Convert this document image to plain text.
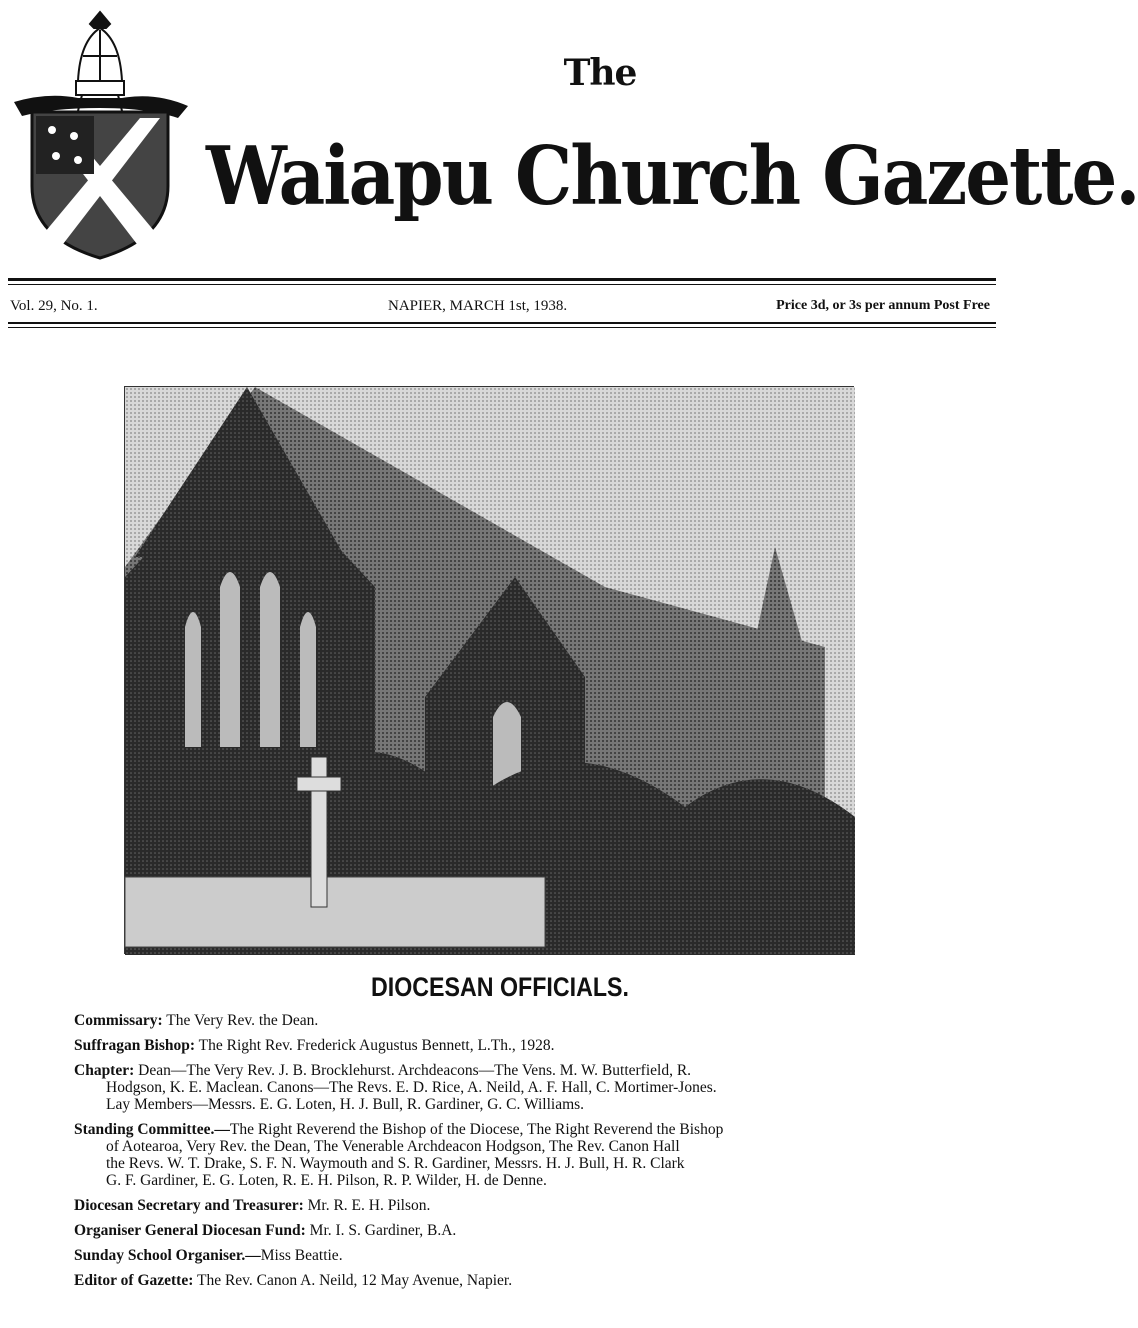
The
Waiapu Church Gazette.
Vol. 29, No. 1.	NAPIER, MARCH 1st, 1938.	Price 3d, or 3s per annum Post Free
DIOCESAN OFFICIALS.
Commissary: The Very Rev. the Dean.
Suffragan Bishop: The Right Rev. Frederick Augustus Bennett, L.Th., 1928.
Chapter: Dean—The Very Rev. J. B. Brocklehurst. Archdeacons—The Vens. M. W. Butterfield, R.
Hodgson, K. E. Maclean. Canons—The Revs. E. D. Rice, A. Neild, A. F. Hall, C. Mortimer-Jones.
Lay Members—Messrs. E. G. Loten, H. J. Bull, R. Gardiner, G. C. Williams.
Standing Committee.—The Right Reverend the Bishop of the Diocese, The Right Reverend the Bishop
of Aotearoa, Very Rev. the Dean, The Venerable Archdeacon Hodgson, The Rev. Canon Hall
the Revs. W. T. Drake, S. F. N. Waymouth and S. R. Gardiner, Messrs. H. J. Bull, H. R. Clark
G. F. Gardiner, E. G. Loten, R. E. H. Pilson, R. P. Wilder, H. de Denne.
Diocesan Secretary and Treasurer: Mr. R. E. H. Pilson.
Organiser General Diocesan Fund: Mr. I. S. Gardiner, B.A.
Sunday School Organiser.—Miss Beattie.
Editor of Gazette: The Rev. Canon A. Neild, 12 May Avenue, Napier.
